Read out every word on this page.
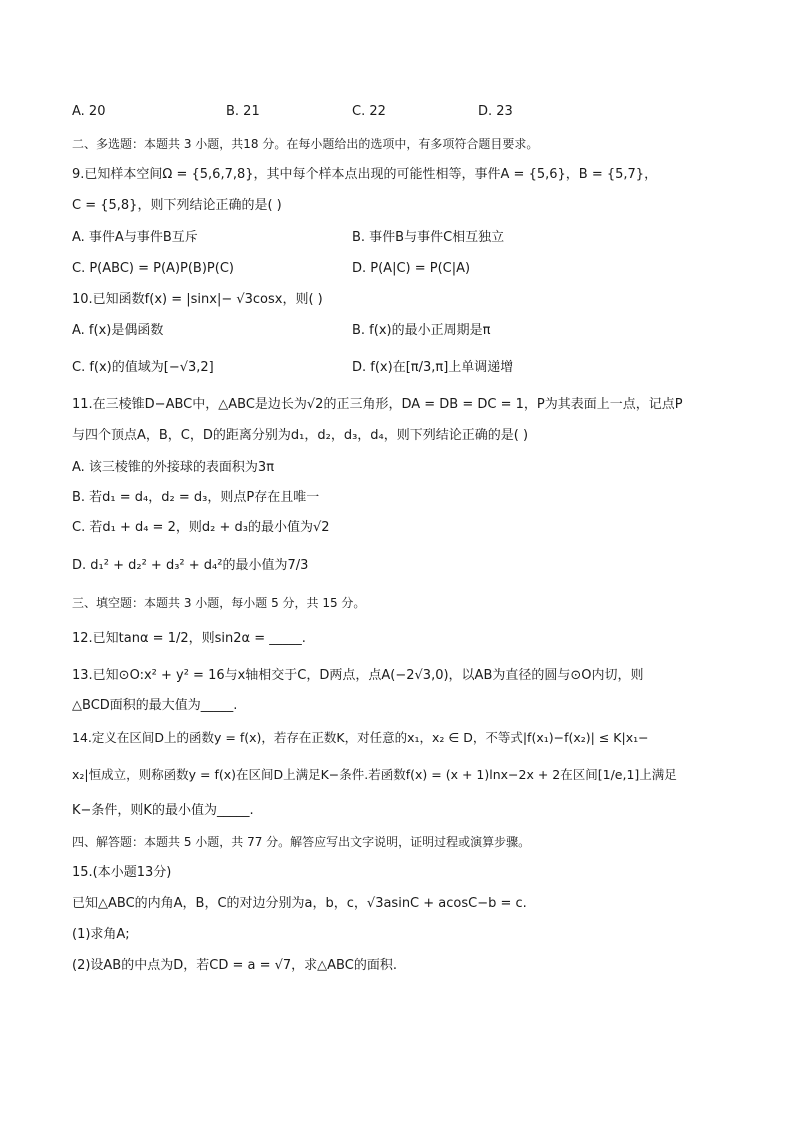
A. 20	B. 21	C. 22	D. 23
二、多选题：本题共 3 小题，共18 分。在每小题给出的选项中，有多项符合题目要求。
9.已知样本空间Ω = {5,6,7,8}，其中每个样本点出现的可能性相等，事件A = {5,6}，B = {5,7}，
C = {5,8}，则下列结论正确的是( )
A. 事件A与事件B互斥	B. 事件B与事件C相互独立
C. P(ABC) = P(A)P(B)P(C)	D. P(A|C) = P(C|A)
10.已知函数f(x) = |sinx|− √3cosx，则( )
A. f(x)是偶函数	B. f(x)的最小正周期是π
C. f(x)的值域为[−√3,2]	D. f(x)在[π/3,π]上单调递增
11.在三棱锥D−ABC中，△ABC是边长为√2的正三角形，DA = DB = DC = 1，P为其表面上一点，记点P
与四个顶点A，B，C，D的距离分别为d₁，d₂，d₃，d₄，则下列结论正确的是( )
A. 该三棱锥的外接球的表面积为3π
B. 若d₁ = d₄，d₂ = d₃，则点P存在且唯一
C. 若d₁ + d₄ = 2，则d₂ + d₃的最小值为√2
D. d₁² + d₂² + d₃² + d₄²的最小值为7/3
三、填空题：本题共 3 小题，每小题 5 分，共 15 分。
12.已知tanα = 1/2，则sin2α = _____.
13.已知⊙O:x² + y² = 16与x轴相交于C，D两点，点A(−2√3,0)，以AB为直径的圆与⊙O内切，则
△BCD面积的最大值为_____.
14.定义在区间D上的函数y = f(x)，若存在正数K，对任意的x₁，x₂ ∈ D，不等式|f(x₁)−f(x₂)| ≤ K|x₁−
x₂|恒成立，则称函数y = f(x)在区间D上满足K−条件.若函数f(x) = (x + 1)lnx−2x + 2在区间[1/e,1]上满足
K−条件，则K的最小值为_____.
四、解答题：本题共 5 小题，共 77 分。解答应写出文字说明，证明过程或演算步骤。
15.(本小题13分)
已知△ABC的内角A，B，C的对边分别为a，b，c，√3asinC + acosC−b = c.
(1)求角A;
(2)设AB的中点为D，若CD = a = √7，求△ABC的面积.
